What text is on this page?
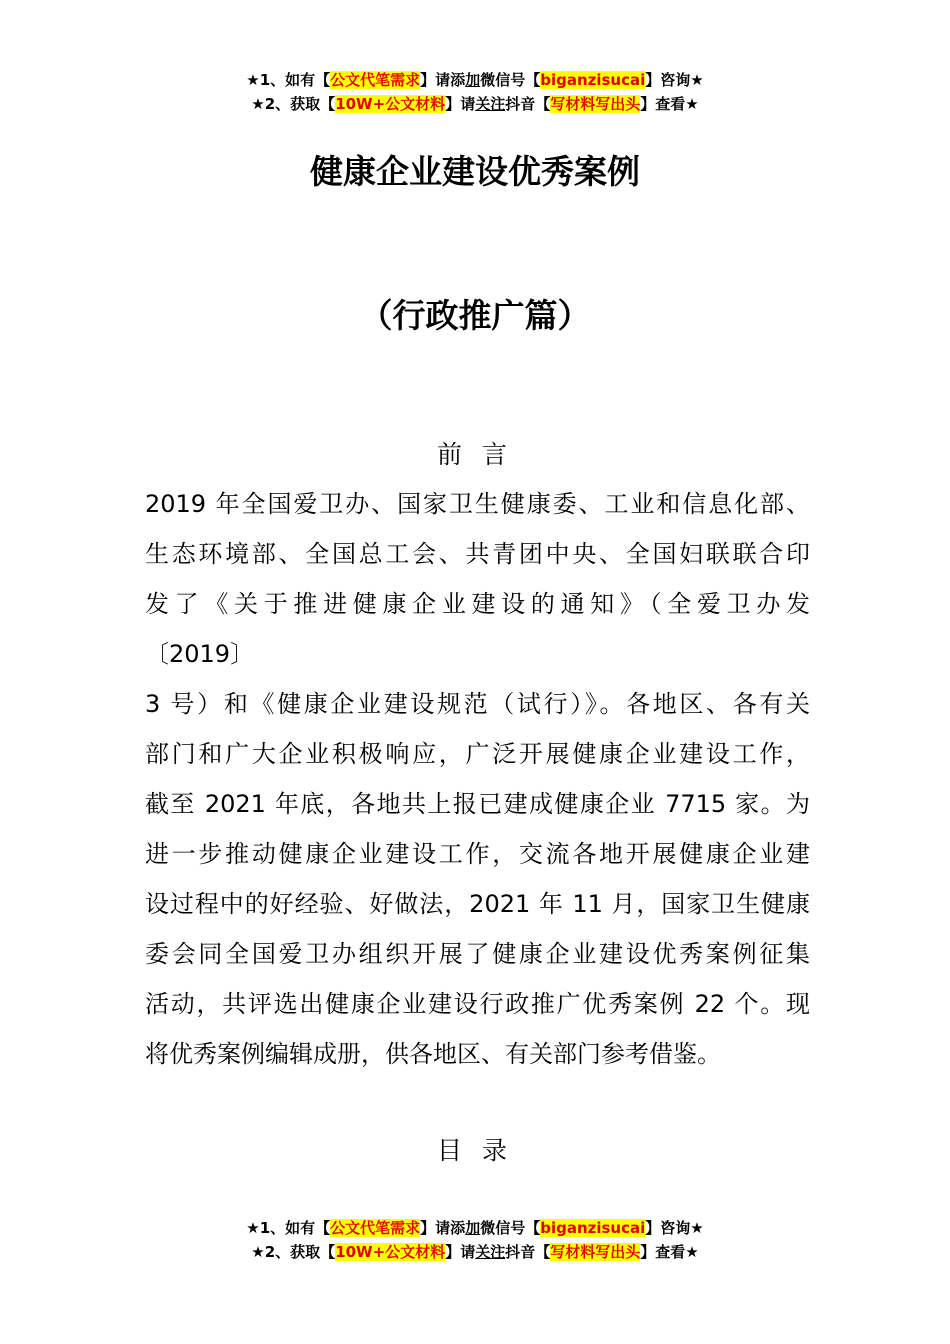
★1、如有【公文代笔需求】请添加微信号【biganzisucai】咨询★
★2、获取【10W+公文材料】请关注抖音【写材料写出头】查看★
健康企业建设优秀案例
（行政推广篇）
前 言
2019 年全国爱卫办、国家卫生健康委、工业和信息化部、
生态环境部、全国总工会、共青团中央、全国妇联联合印
发了《关于推进健康企业建设的通知》（全爱卫办发
〔2019〕
3 号）和《健康企业建设规范（试行）》。各地区、各有关
部门和广大企业积极响应，广泛开展健康企业建设工作，
截至 2021 年底，各地共上报已建成健康企业 7715 家。为
进一步推动健康企业建设工作，交流各地开展健康企业建
设过程中的好经验、好做法，2021 年 11 月，国家卫生健康
委会同全国爱卫办组织开展了健康企业建设优秀案例征集
活动，共评选出健康企业建设行政推广优秀案例 22 个。现
将优秀案例编辑成册，供各地区、有关部门参考借鉴。
目 录
★1、如有【公文代笔需求】请添加微信号【biganzisucai】咨询★
★2、获取【10W+公文材料】请关注抖音【写材料写出头】查看★
